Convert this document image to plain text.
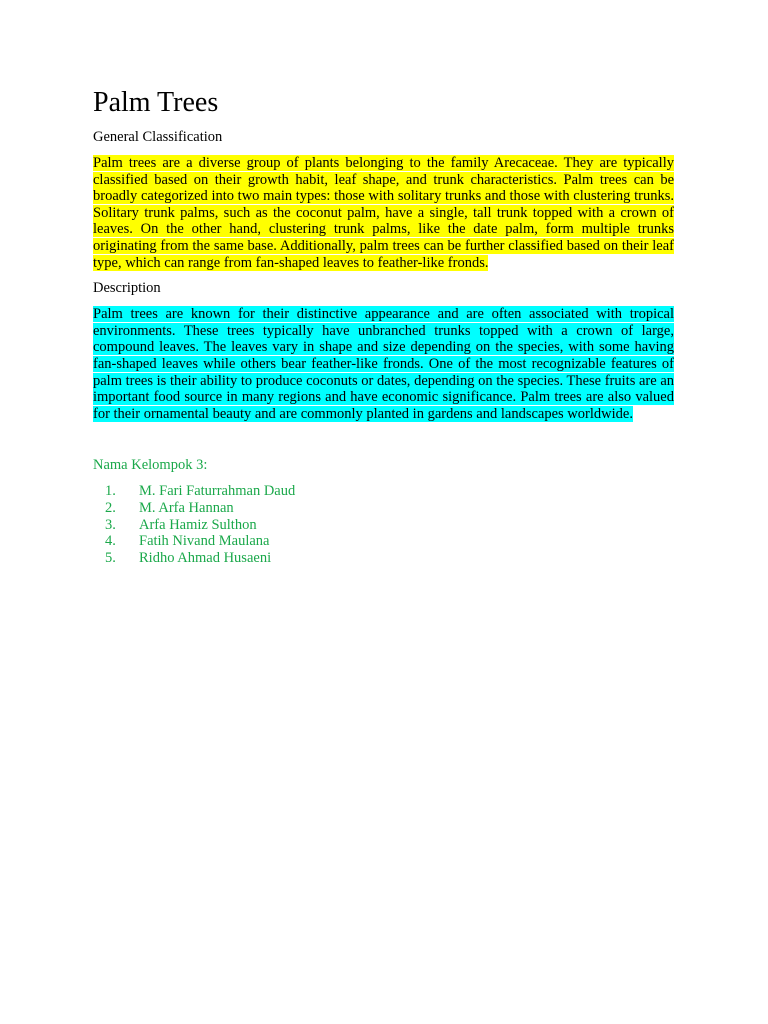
Palm Trees
General Classification
Palm trees are a diverse group of plants belonging to the family Arecaceae. They are typically classified based on their growth habit, leaf shape, and trunk characteristics. Palm trees can be broadly categorized into two main types: those with solitary trunks and those with clustering trunks. Solitary trunk palms, such as the coconut palm, have a single, tall trunk topped with a crown of leaves. On the other hand, clustering trunk palms, like the date palm, form multiple trunks originating from the same base. Additionally, palm trees can be further classified based on their leaf type, which can range from fan-shaped leaves to feather-like fronds.
Description
Palm trees are known for their distinctive appearance and are often associated with tropical environments. These trees typically have unbranched trunks topped with a crown of large, compound leaves. The leaves vary in shape and size depending on the species, with some having fan-shaped leaves while others bear feather-like fronds. One of the most recognizable features of palm trees is their ability to produce coconuts or dates, depending on the species. These fruits are an important food source in many regions and have economic significance. Palm trees are also valued for their ornamental beauty and are commonly planted in gardens and landscapes worldwide.
Nama Kelompok 3:
1.	M. Fari Faturrahman Daud
2.	M. Arfa Hannan
3.	Arfa Hamiz Sulthon
4.	Fatih Nivand Maulana
5.	Ridho Ahmad Husaeni
